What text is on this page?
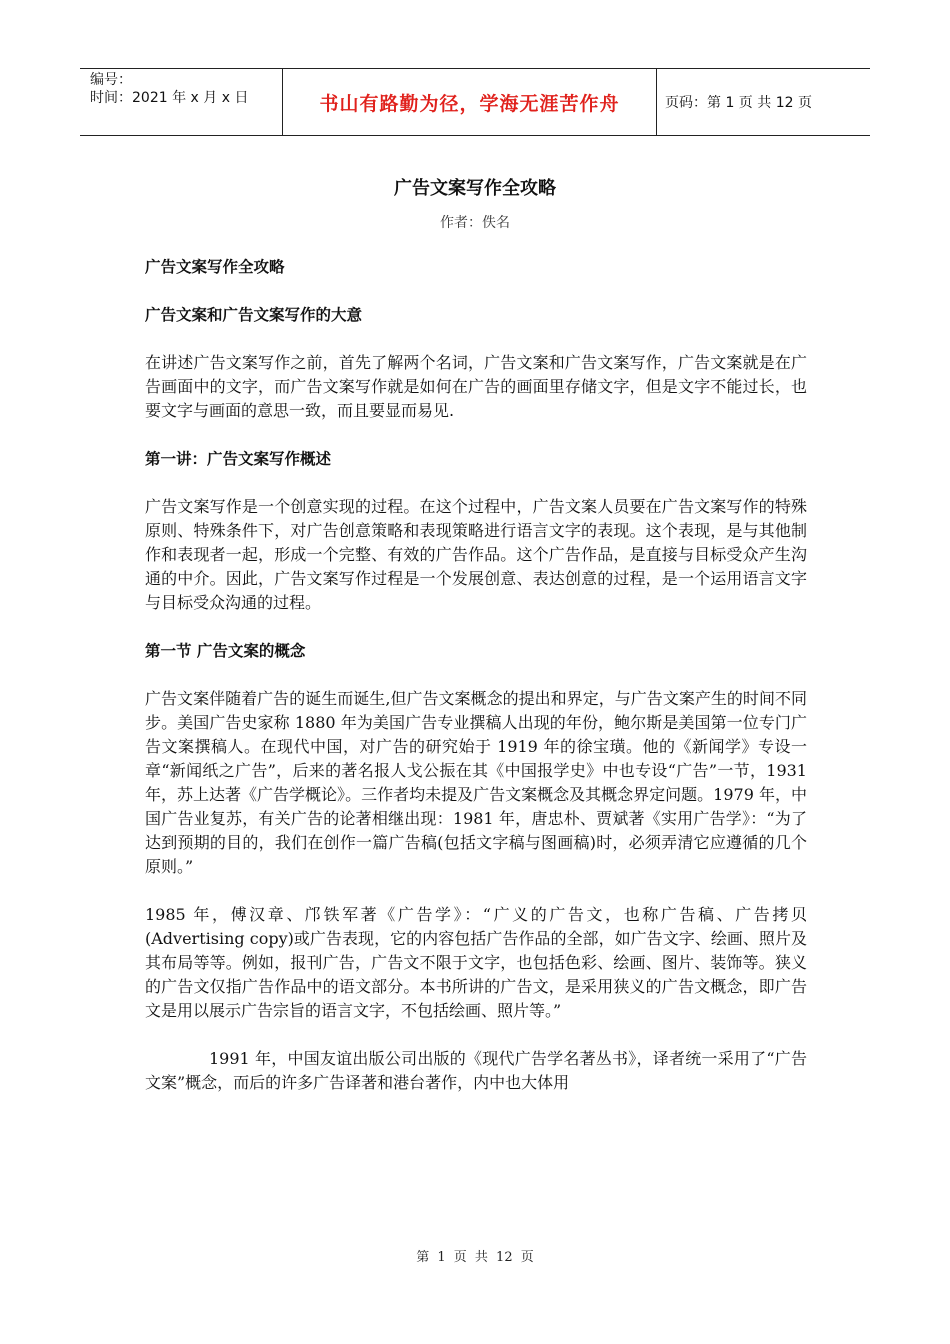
编号：
时间：2021 年 x 月 x 日	书山有路勤为径，学海无涯苦作舟	页码：第 1 页 共 12 页
广告文案写作全攻略
作者：佚名
广告文案写作全攻略
广告文案和广告文案写作的大意

在讲述广告文案写作之前，首先了解两个名词，广告文案和广告文案写作，广告文案就是在广告画面中的文字，而广告文案写作就是如何在广告的画面里存储文字，但是文字不能过长，也要文字与画面的意思一致，而且要显而易见.

第一讲：广告文案写作概述

广告文案写作是一个创意实现的过程。在这个过程中，广告文案人员要在广告文案写作的特殊原则、特殊条件下，对广告创意策略和表现策略进行语言文字的表现。这个表现，是与其他制作和表现者一起，形成一个完整、有效的广告作品。这个广告作品，是直接与目标受众产生沟通的中介。因此，广告文案写作过程是一个发展创意、表达创意的过程，是一个运用语言文字与目标受众沟通的过程。

第一节 广告文案的概念

广告文案伴随着广告的诞生而诞生,但广告文案概念的提出和界定，与广告文案产生的时间不同步。美国广告史家称 1880 年为美国广告专业撰稿人出现的年份，鲍尔斯是美国第一位专门广告文案撰稿人。在现代中国，对广告的研究始于 1919 年的徐宝璜。他的《新闻学》专设一章“新闻纸之广告”，后来的著名报人戈公振在其《中国报学史》中也专设“广告”一节，1931 年，苏上达著《广告学概论》。三作者均未提及广告文案概念及其概念界定问题。1979 年，中国广告业复苏，有关广告的论著相继出现：1981 年，唐忠朴、贾斌著《实用广告学》：“为了达到预期的目的，我们在创作一篇广告稿(包括文字稿与图画稿)时，必须弄清它应遵循的几个原则。”

1985 年，傅汉章、邝铁军著《广告学》：“广义的广告文，也称广告稿、广告拷贝(Advertising copy)或广告表现，它的内容包括广告作品的全部，如广告文字、绘画、照片及其布局等等。例如，报刊广告，广告文不限于文字，也包括色彩、绘画、图片、装饰等。狭义的广告文仅指广告作品中的语文部分。本书所讲的广告文，是采用狭义的广告文概念，即广告文是用以展示广告宗旨的语言文字，不包括绘画、照片等。”

1991 年，中国友谊出版公司出版的《现代广告学名著丛书》，译者统一采用了“广告文案”概念，而后的许多广告译著和港台著作，内中也大体用

第 1 页 共 12 页
